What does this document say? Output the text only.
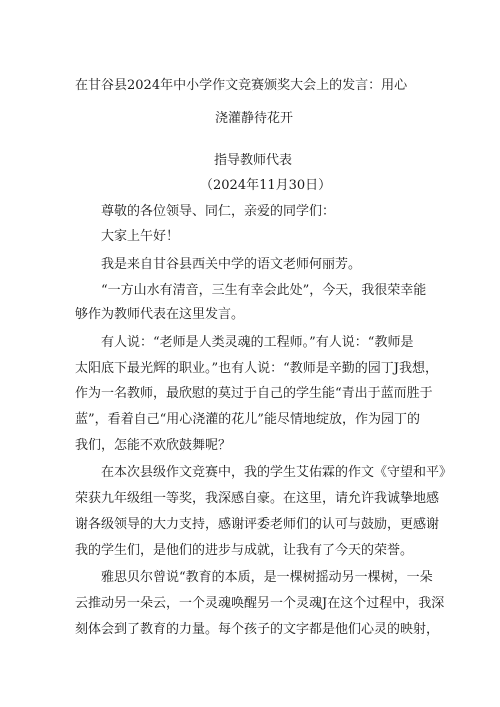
在甘谷县2024年中小学作文竞赛颁奖大会上的发言：用心
浇灌静待花开
指导教师代表
（2024年11月30日）
尊敬的各位领导、同仁，亲爱的同学们：
大家上午好！
我是来自甘谷县西关中学的语文老师何丽芳。
“一方山水有清音，三生有幸会此处”，今天，我很荣幸能
够作为教师代表在这里发言。
有人说：“老师是人类灵魂的工程师。”有人说：“教师是
太阳底下最光辉的职业。”也有人说：“教师是辛勤的园丁J我想，
作为一名教师，最欣慰的莫过于自己的学生能“青出于蓝而胜于
蓝”，看着自己“用心浇灌的花儿”能尽情地绽放，作为园丁的
我们，怎能不欢欣鼓舞呢？
在本次县级作文竞赛中，我的学生艾佑霖的作文《守望和平》
荣获九年级组一等奖，我深感自豪。在这里，请允许我诚挚地感
谢各级领导的大力支持，感谢评委老师们的认可与鼓励，更感谢
我的学生们，是他们的进步与成就，让我有了今天的荣誉。
雅思贝尔曾说“教育的本质，是一棵树摇动另一棵树，一朵
云推动另一朵云，一个灵魂唤醒另一个灵魂J在这个过程中，我深
刻体会到了教育的力量。每个孩子的文字都是他们心灵的映射，
